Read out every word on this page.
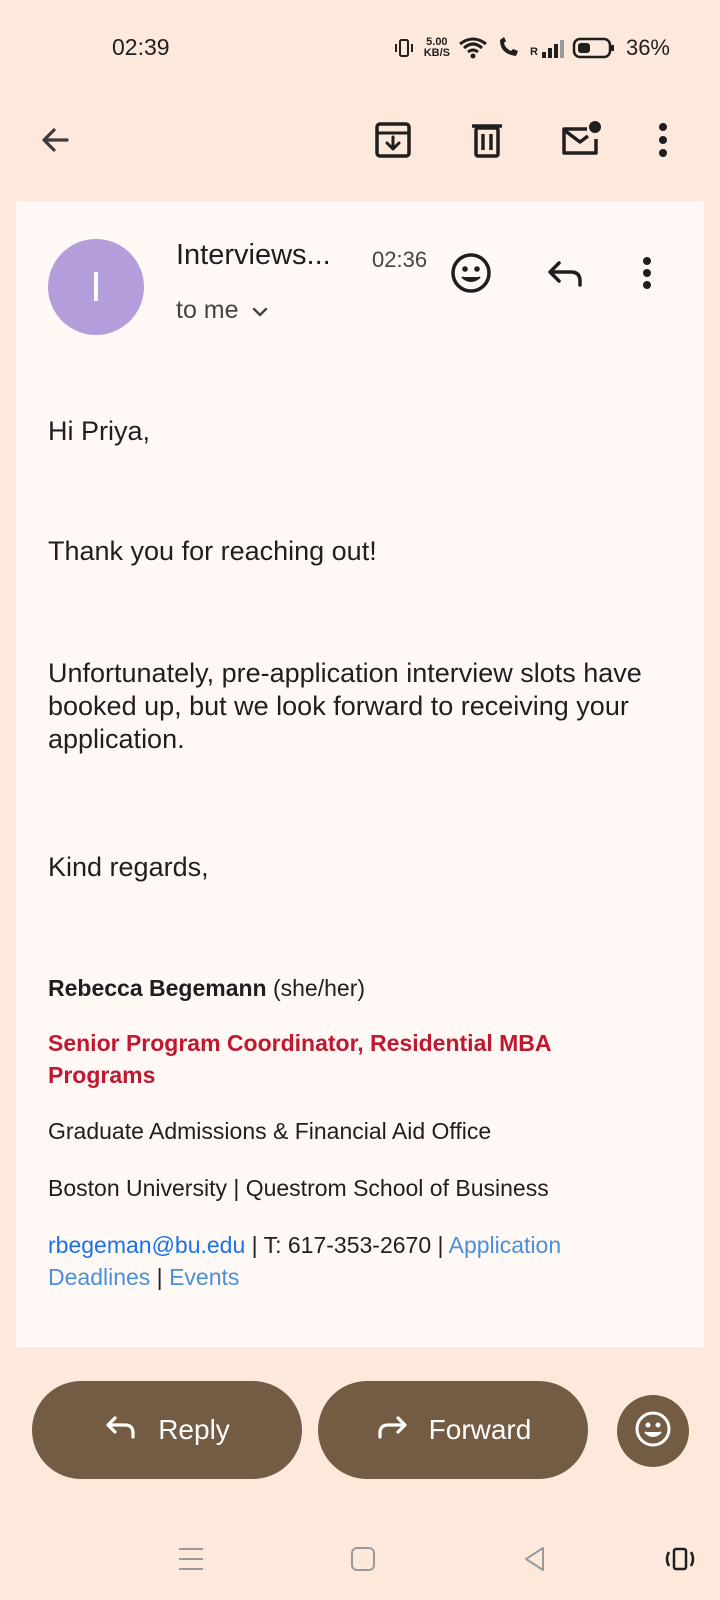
02:39	5.00
KB/S	R	36%
I
Interviews... 02:36
to me
Hi Priya,
Thank you for reaching out!
Unfortunately, pre-application interview slots have booked up, but we look forward to receiving your application.
Kind regards,
Rebecca Begemann (she/her)
Senior Program Coordinator, Residential MBA Programs
Graduate Admissions & Financial Aid Office
Boston University | Questrom School of Business
rbegeman@bu.edu | T: 617-353-2670 | Application Deadlines | Events
Reply	Forward
